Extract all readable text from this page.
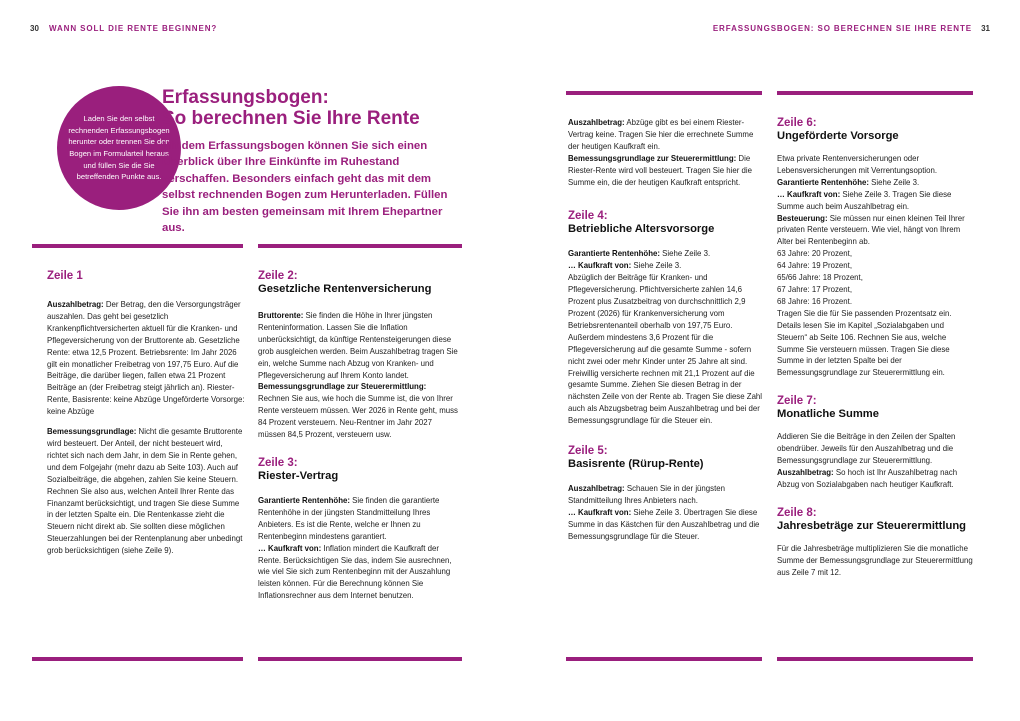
30 WANN SOLL DIE RENTE BEGINNEN?	ERFASSUNGSBOGEN: SO BERECHNEN SIE IHRE RENTE 31
Laden Sie den selbst rechnenden Erfassungsbogen herunter oder trennen Sie den Bogen im Formularteil heraus und füllen Sie die Sie betreffenden Punkte aus.
Erfassungsbogen:
So berechnen Sie Ihre Rente
Mit dem Erfassungsbogen können Sie sich einen Überblick über Ihre Einkünfte im Ruhestand verschaffen. Besonders einfach geht das mit dem selbst rechnenden Bogen zum Herunterladen. Füllen Sie ihn am besten gemeinsam mit Ihrem Ehepartner aus.
Zeile 1

Auszahlbetrag: Der Betrag, den die Versorgungsträger auszahlen. Das geht bei gesetzlich Krankenpflichtversicherten aktuell für die Kranken- und Pflegeversicherung von der Bruttorente ab. Gesetzliche Rente: etwa 12,5 Prozent. Betriebsrente: Im Jahr 2026 gilt ein monatlicher Freibetrag von 197,75 Euro. Auf die Beiträge, die darüber liegen, fallen etwa 21 Prozent Beiträge an (der Freibetrag steigt jährlich an). Riester-Rente, Basisrente: keine Abzüge Ungeförderte Vorsorge: keine Abzüge

Bemessungsgrundlage: Nicht die gesamte Bruttorente wird besteuert. Der Anteil, der nicht besteuert wird, richtet sich nach dem Jahr, in dem Sie in Rente gehen, und dem Folgejahr (mehr dazu ab Seite 103). Auch auf Sozialbeiträge, die abgehen, zahlen Sie keine Steuern. Rechnen Sie also aus, welchen Anteil Ihrer Rente das Finanzamt berücksichtigt, und tragen Sie diese Summe in der letzten Spalte ein. Die Rentenkasse zieht die Steuern nicht direkt ab. Sie sollten diese möglichen Steuerzahlungen bei der Rentenplanung aber unbedingt grob berücksichtigen (siehe Zeile 9).

Zeile 2:
Gesetzliche Rentenversicherung

Bruttorente: Sie finden die Höhe in Ihrer jüngsten Renteninformation. Lassen Sie die Inflation unberücksichtigt, da künftige Rentensteigerungen diese grob ausgleichen werden. Beim Auszahlbetrag tragen Sie ein, welche Summe nach Abzug von Kranken- und Pflegeversicherung auf Ihrem Konto landet.

Bemessungsgrundlage zur Steuerermittlung: Rechnen Sie aus, wie hoch die Summe ist, die von Ihrer Rente versteuern müssen. Wer 2026 in Rente geht, muss 84 Prozent versteuern. Neu-Rentner im Jahr 2027 müssen 84,5 Prozent, versteuern usw.

Zeile 3:
Riester-Vertrag

Garantierte Rentenhöhe: Sie finden die garantierte Rentenhöhe in der jüngsten Standmitteilung Ihres Anbieters. Es ist die Rente, welche er Ihnen zu Rentenbeginn mindestens garantiert.

… Kaufkraft von: Inflation mindert die Kaufkraft der Rente. Berücksichtigen Sie das, indem Sie ausrechnen, wie viel Sie sich zum Rentenbeginn mit der Auszahlung leisten können. Für die Berechnung können Sie Inflationsrechner aus dem Internet benutzen.

Auszahlbetrag: Abzüge gibt es bei einem Riester-Vertrag keine. Tragen Sie hier die errechnete Summe der heutigen Kaufkraft ein.

Bemessungsgrundlage zur Steuerermittlung: Die Riester-Rente wird voll besteuert. Tragen Sie hier die Summe ein, die der heutigen Kaufkraft entspricht.

Zeile 4:
Betriebliche Altersvorsorge

Garantierte Rentenhöhe: Siehe Zeile 3.

… Kaufkraft von: Siehe Zeile 3.

Abzüglich der Beiträge für Kranken- und Pflegeversicherung. Pflichtversicherte zahlen 14,6 Prozent plus Zusatzbeitrag von durchschnittlich 2,9 Prozent (2026) für Krankenversicherung vom Betriebsrentenanteil oberhalb von 197,75 Euro. Außerdem mindestens 3,6 Prozent für die Pflegeversicherung auf die gesamte Summe - sofern nicht zwei oder mehr Kinder unter 25 Jahre alt sind. Freiwillig versicherte rechnen mit 21,1 Prozent auf die gesamte Summe. Ziehen Sie diesen Betrag in der nächsten Zeile von der Rente ab. Tragen Sie diese Zahl auch als Abzugsbetrag beim Auszahlbetrag und bei der Bemessungsgrundlage für die Steuer ein.

Zeile 5:
Basisrente (Rürup-Rente)

Auszahlbetrag: Schauen Sie in der jüngsten Standmitteilung Ihres Anbieters nach.

… Kaufkraft von: Siehe Zeile 3. Übertragen Sie diese Summe in das Kästchen für den Auszahlbetrag und die Bemessungsgrundlage für die Steuer.

Zeile 6:
Ungeförderte Vorsorge

Etwa private Rentenversicherungen oder Lebensversicherungen mit Verrentungsoption.

Garantierte Rentenhöhe: Siehe Zeile 3.

… Kaufkraft von: Siehe Zeile 3. Tragen Sie diese Summe auch beim Auszahlbetrag ein.

Besteuerung: Sie müssen nur einen kleinen Teil Ihrer privaten Rente versteuern. Wie viel, hängt von Ihrem Alter bei Rentenbeginn ab.

63 Jahre: 20 Prozent,

64 Jahre: 19 Prozent,

65/66 Jahre: 18 Prozent,

67 Jahre: 17 Prozent,

68 Jahre: 16 Prozent.

Tragen Sie die für Sie passenden Prozentsatz ein. Details lesen Sie im Kapitel „Sozialabgaben und Steuern“ ab Seite 106. Rechnen Sie aus, welche Summe Sie versteuern müssen. Tragen Sie diese Summe in der letzten Spalte bei der Bemessungsgrundlage zur Steuerermittlung ein.

Zeile 7:
Monatliche Summe

Addieren Sie die Beiträge in den Zeilen der Spalten obendrüber. Jeweils für den Auszahlbetrag und die Bemessungsgrundlage zur Steuerermittlung.

Auszahlbetrag: So hoch ist Ihr Auszahlbetrag nach Abzug von Sozialabgaben nach heutiger Kaufkraft.

Zeile 8:
Jahresbeträge zur Steuerermittlung

Für die Jahresbeträge multiplizieren Sie die monatliche Summe der Bemessungsgrundlage zur Steuerermittlung aus Zeile 7 mit 12.
